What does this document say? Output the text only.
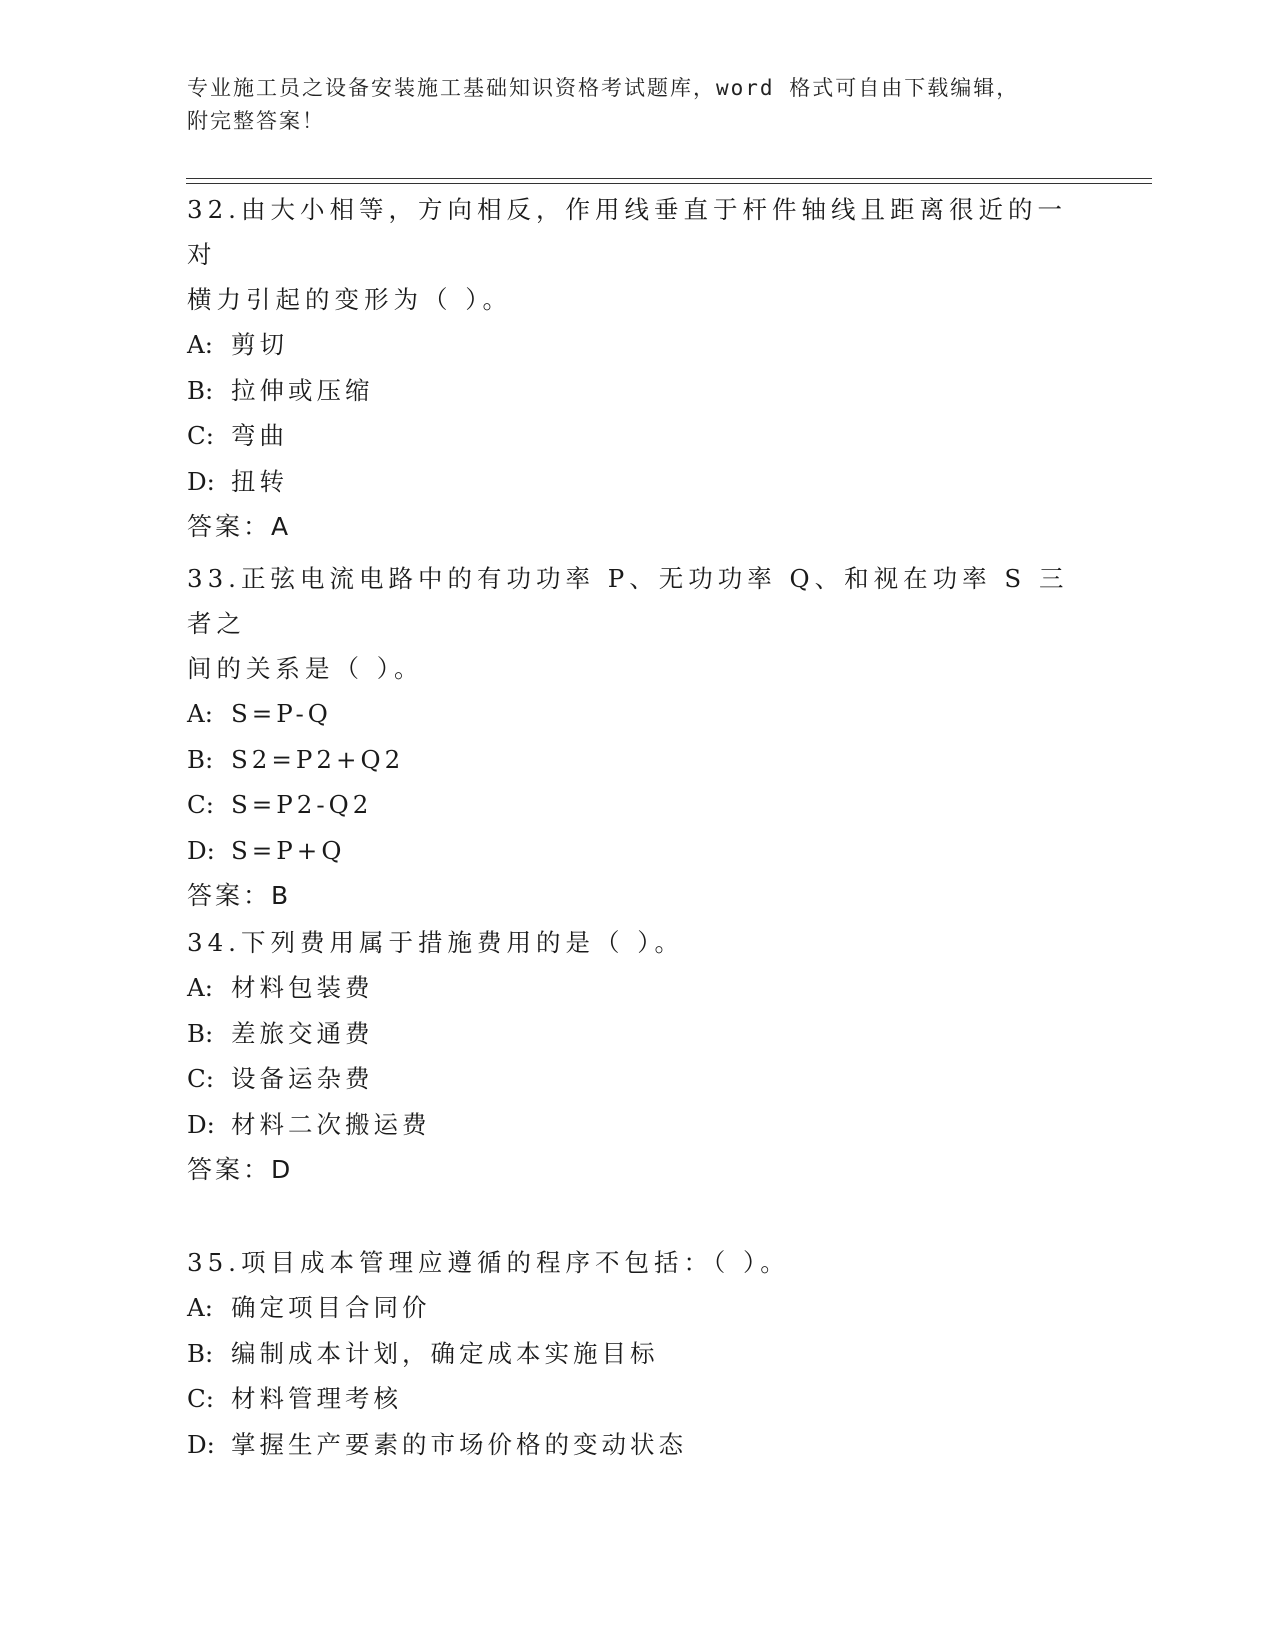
专业施工员之设备安装施工基础知识资格考试题库，word 格式可自由下载编辑，
附完整答案！

32.由大小相等，方向相反，作用线垂直于杆件轴线且距离很近的一对

横力引起的变形为（ ）。

A: 剪切

B: 拉伸或压缩

C: 弯曲

D: 扭转

答案：A

33.正弦电流电路中的有功功率 P、无功功率 Q、和视在功率 S 三者之

间的关系是（ ）。

A: S=P-Q

B: S2=P2+Q2

C: S=P2-Q2

D: S=P+Q

答案：B

34.下列费用属于措施费用的是（ ）。

A: 材料包装费

B: 差旅交通费

C: 设备运杂费

D: 材料二次搬运费

答案：D

35.项目成本管理应遵循的程序不包括：（ ）。

A: 确定项目合同价

B: 编制成本计划，确定成本实施目标

C: 材料管理考核

D: 掌握生产要素的市场价格的变动状态
